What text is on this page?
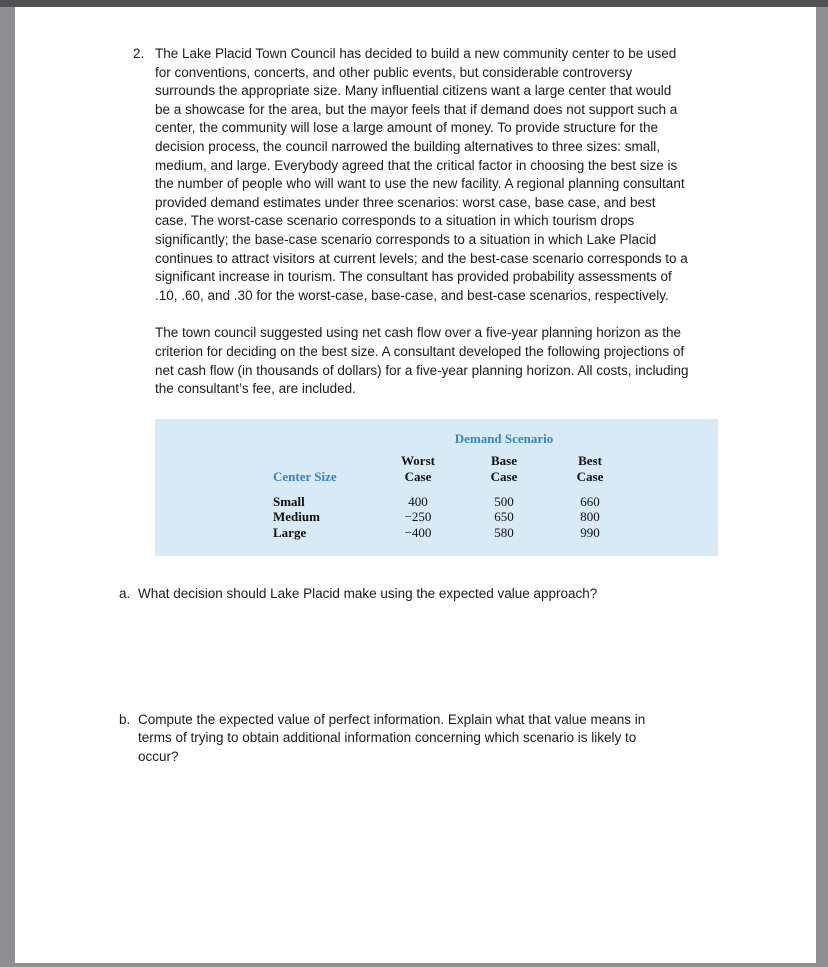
2. The Lake Placid Town Council has decided to build a new community center to be used for conventions, concerts, and other public events, but considerable controversy surrounds the appropriate size. Many influential citizens want a large center that would be a showcase for the area, but the mayor feels that if demand does not support such a center, the community will lose a large amount of money. To provide structure for the decision process, the council narrowed the building alternatives to three sizes: small, medium, and large. Everybody agreed that the critical factor in choosing the best size is the number of people who will want to use the new facility. A regional planning consultant provided demand estimates under three scenarios: worst case, base case, and best case. The worst-case scenario corresponds to a situation in which tourism drops significantly; the base-case scenario corresponds to a situation in which Lake Placid continues to attract visitors at current levels; and the best-case scenario corresponds to a significant increase in tourism. The consultant has provided probability assessments of .10, .60, and .30 for the worst-case, base-case, and best-case scenarios, respectively.

The town council suggested using net cash flow over a five-year planning horizon as the criterion for deciding on the best size. A consultant developed the following projections of net cash flow (in thousands of dollars) for a five-year planning horizon. All costs, including the consultant’s fee, are included.

	Demand Scenario		
	Worst	Base	Best
Center Size	Case	Case	Case
Small	400	500	660
Medium	−250	650	800
Large	−400	580	990
a. What decision should Lake Placid make using the expected value approach?
b. Compute the expected value of perfect information. Explain what that value means in terms of trying to obtain additional information concerning which scenario is likely to occur?
